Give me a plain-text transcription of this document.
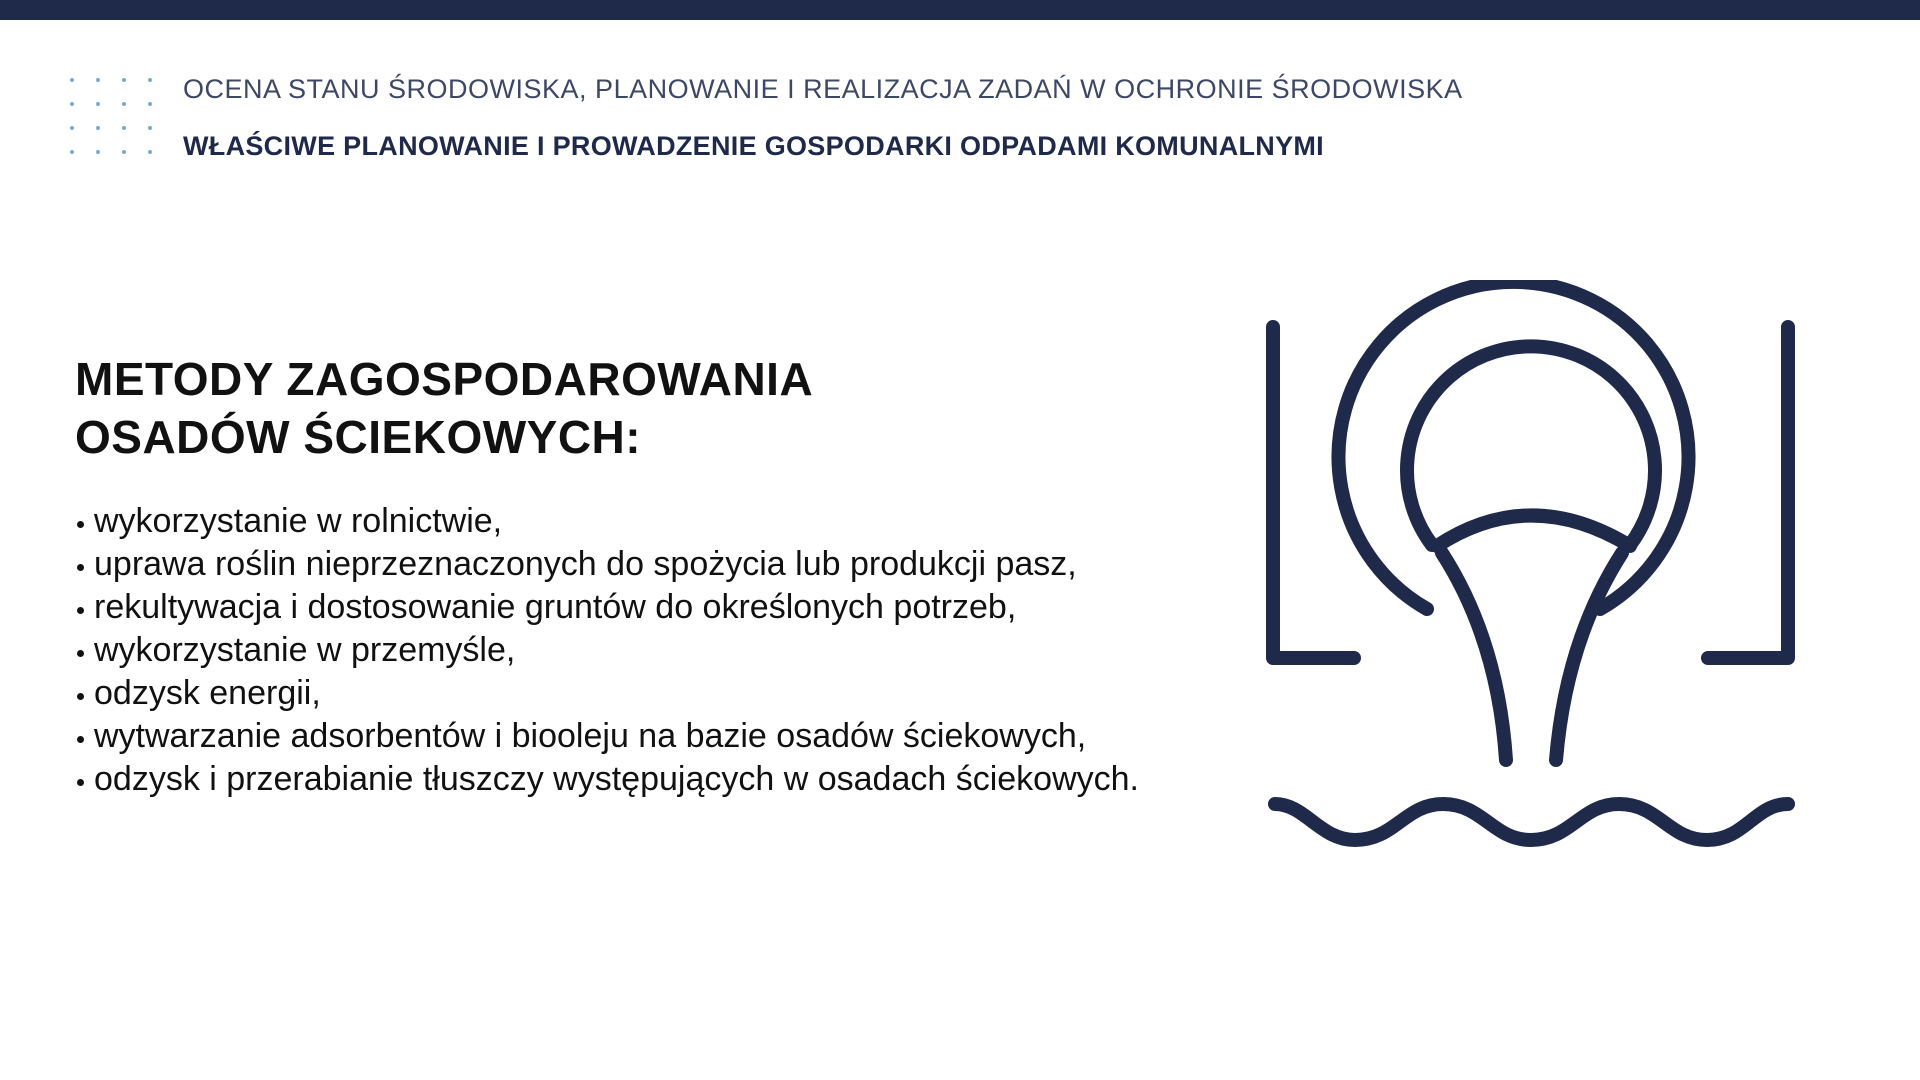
OCENA STANU ŚRODOWISKA, PLANOWANIE I REALIZACJA ZADAŃ W OCHRONIE ŚRODOWISKA
WŁAŚCIWE PLANOWANIE I PROWADZENIE GOSPODARKI ODPADAMI KOMUNALNYMI
METODY ZAGOSPODAROWANIA
OSADÓW ŚCIEKOWYCH:
wykorzystanie w rolnictwie,
uprawa roślin nieprzeznaczonych do spożycia lub produkcji pasz,
rekultywacja i dostosowanie gruntów do określonych potrzeb,
wykorzystanie w przemyśle,
odzysk energii,
wytwarzanie adsorbentów i biooleju na bazie osadów ściekowych,
odzysk i przerabianie tłuszczy występujących w osadach ściekowych.
